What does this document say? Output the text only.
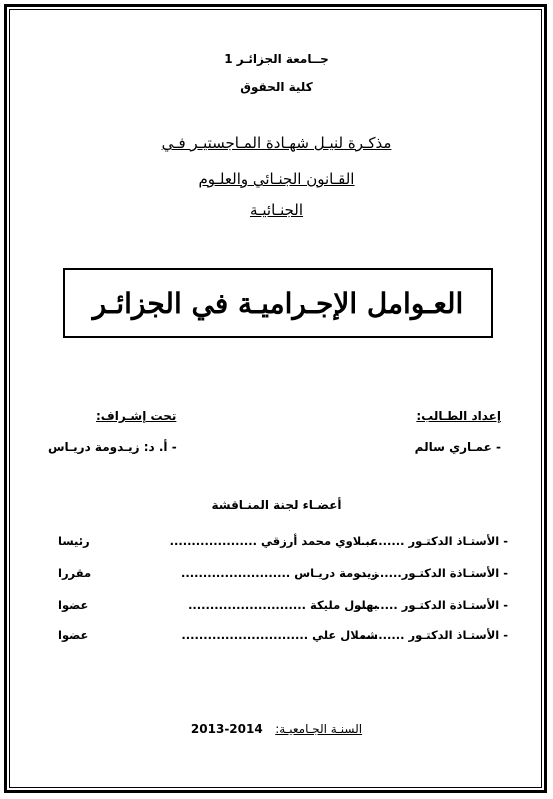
جــامعة الجزائـر 1
كلية الحقوق
مذكـرة لنيـل شهـادة المـاجستيـر فـي
القـانون الجنـائي والعلـوم
الجنـائيـة
العـوامل الإجـراميـة في الجزائـر
إعداد الطـالب:
- عمـاري سالم
تحت إشـراف:
- أ. د: زيـدومة دريـاس
أعضـاء لجنة المنـاقشة
- الأستـاذ الدكتـور ..........
عبـلاوي محمد أرزقي ....................
رئيسا
- الأستـاذة الدكتـور..........
زيدومة دريـاس .........................
مقررا
- الأستـاذة الدكتـور ..........
بهلول مليكة ...........................
عضوا
- الأستـاذ الدكتـور ..........
شملال علي .............................
عضوا
السنـة الجـامعيـة:   2013-2014
